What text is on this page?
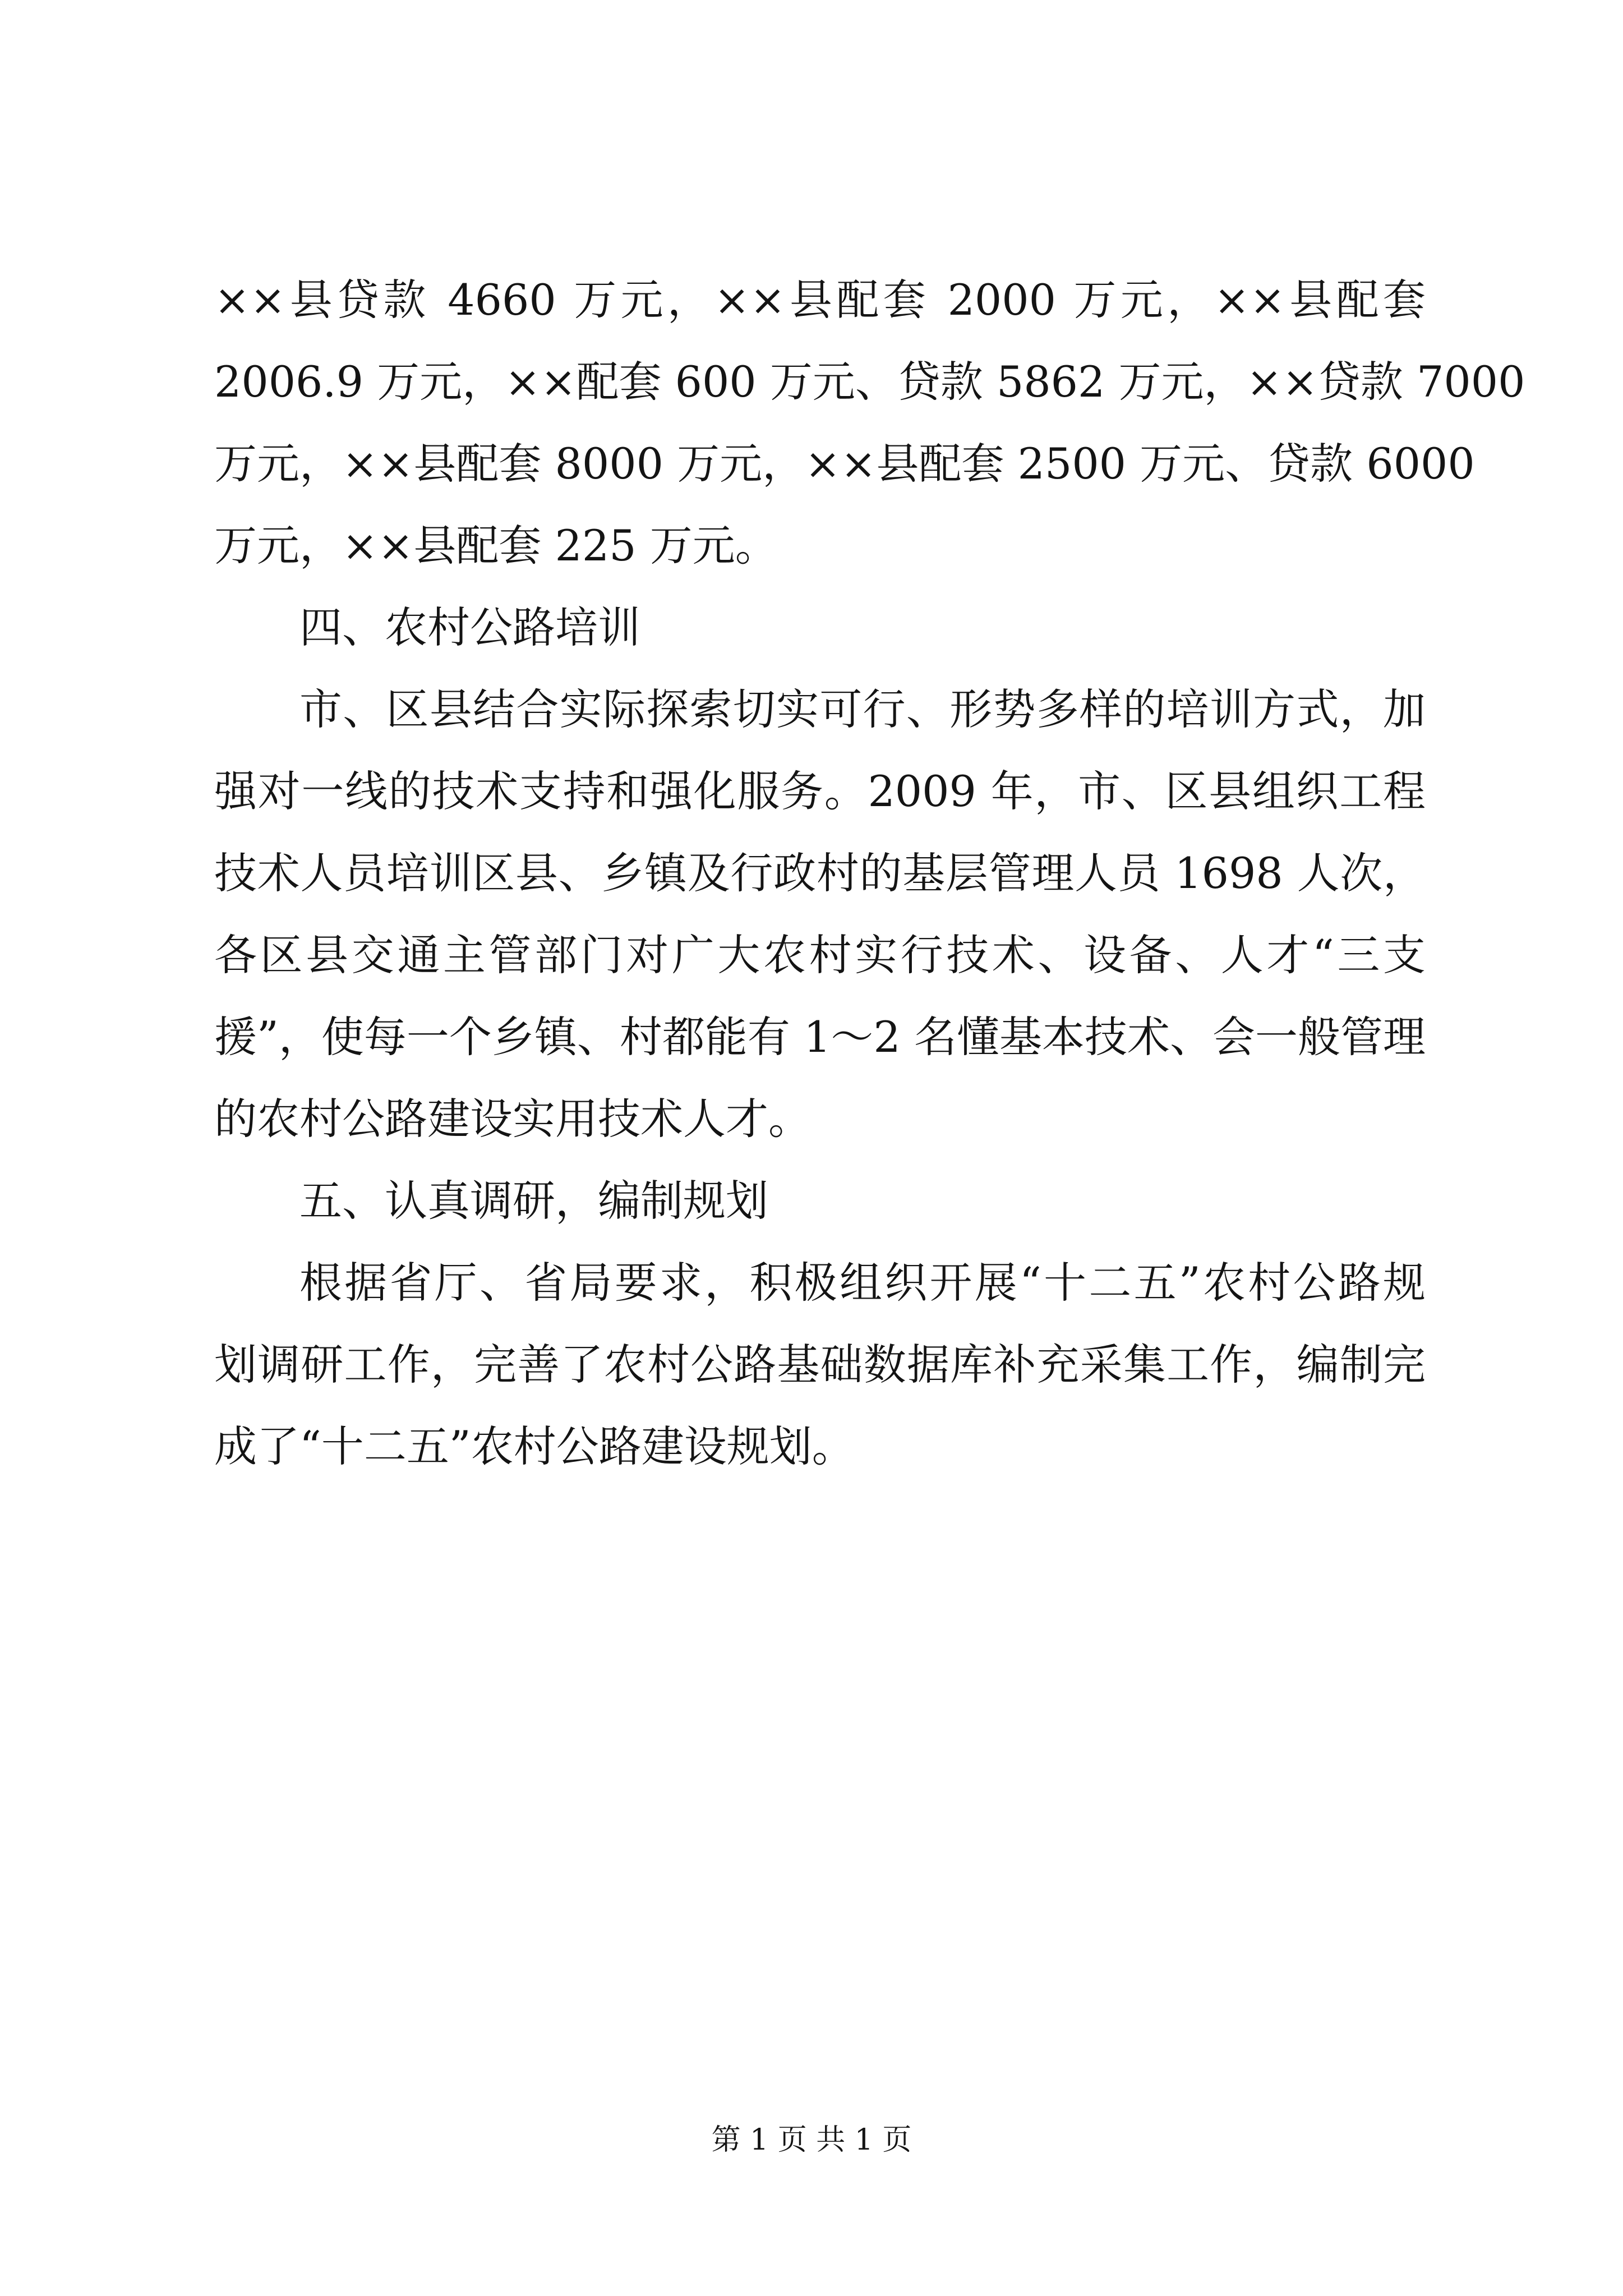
××县贷款 4660 万元，××县配套 2000 万元，××县配套
2006.9 万元，××配套 600 万元、贷款 5862 万元，××贷款 7000
万元，××县配套 8000 万元，××县配套 2500 万元、贷款 6000
万元，××县配套 225 万元。
四、农村公路培训
市、区县结合实际探索切实可行、形势多样的培训方式，加
强对一线的技术支持和强化服务。2009 年，市、区县组织工程
技术人员培训区县、乡镇及行政村的基层管理人员 1698 人次，
各区县交通主管部门对广大农村实行技术、设备、人才“三支
援”，使每一个乡镇、村都能有 1～2 名懂基本技术、会一般管理
的农村公路建设实用技术人才。
五、认真调研，编制规划
根据省厅、省局要求，积极组织开展“十二五”农村公路规
划调研工作，完善了农村公路基础数据库补充采集工作，编制完
成了“十二五”农村公路建设规划。
第 1 页 共 1 页
